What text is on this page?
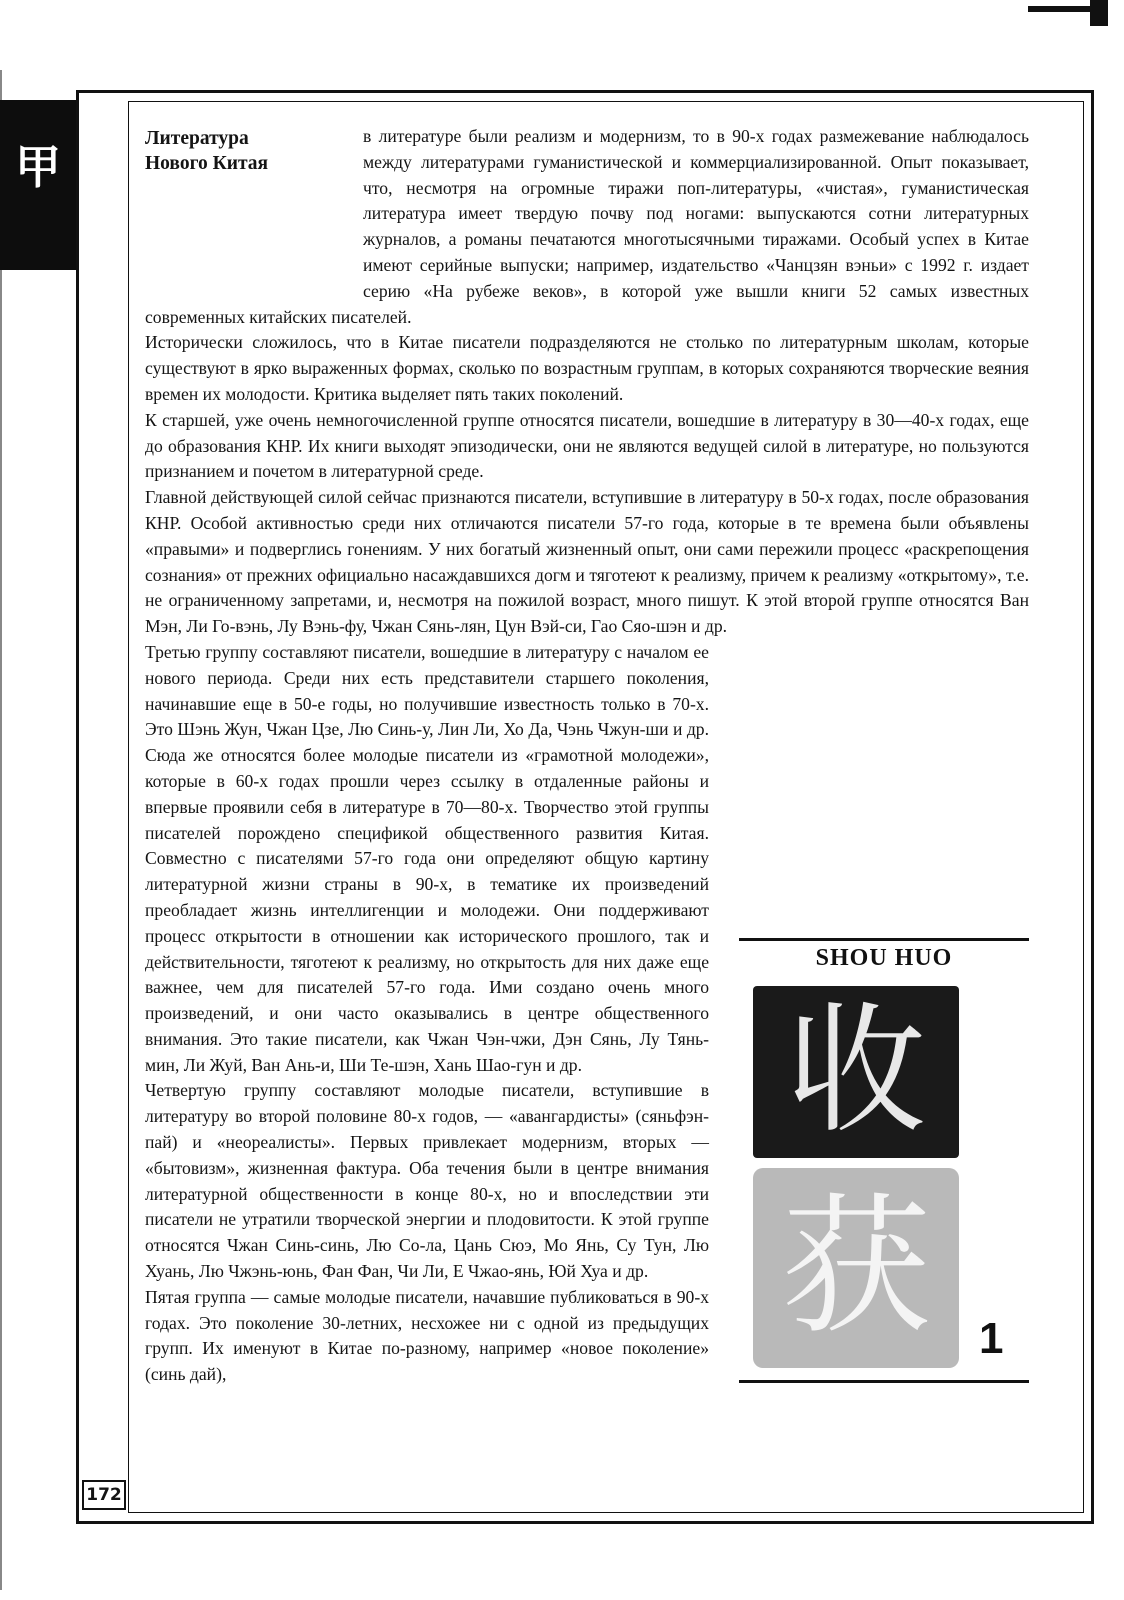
甲
172
Литература
Нового Китая

в литературе были реализм и модернизм, то в 90-х годах размежевание наблюдалось между литературами гуманистической и коммерциализированной. Опыт показывает, что, несмотря на огромные тиражи поп-литературы, «чистая», гуманистическая литература имеет твердую почву под ногами: выпускаются сотни литературных журналов, а романы печатаются многотысячными тиражами. Особый успех в Китае имеют серийные выпуски; например, издательство «Чанцзян вэньи» с 1992 г. издает серию «На рубеже веков», в которой уже вышли книги 52 самых известных современных китайских писателей.

Исторически сложилось, что в Китае писатели подразделяются не столько по литературным школам, которые существуют в ярко выраженных формах, сколько по возрастным группам, в которых сохраняются творческие веяния времен их молодости. Критика выделяет пять таких поколений.

К старшей, уже очень немногочисленной группе относятся писатели, вошедшие в литературу в 30—40-х годах, еще до образования КНР. Их книги выходят эпизодически, они не являются ведущей силой в литературе, но пользуются признанием и почетом в литературной среде.

Главной действующей силой сейчас признаются писатели, вступившие в литературу в 50-х годах, после образования КНР. Особой активностью среди них отличаются писатели 57-го года, которые в те времена были объявлены «правыми» и подверглись гонениям. У них богатый жизненный опыт, они сами пережили процесс «раскрепощения сознания» от прежних официально насаждавшихся догм и тяготеют к реализму, причем к реализму «открытому», т.е. не ограниченному запретами, и, несмотря на пожилой возраст, много пишут. К этой второй группе относятся Ван Мэн, Ли Го-вэнь, Лу Вэнь-фу, Чжан Сянь-лян, Цун Вэй-си, Гао Сяо-шэн и др.

SHOU HUO
收
获 1

Третью группу составляют писатели, вошедшие в литературу с началом ее нового периода. Среди них есть представители старшего поколения, начинавшие еще в 50-е годы, но получившие известность только в 70-х. Это Шэнь Жун, Чжан Цзе, Лю Синь-у, Лин Ли, Хо Да, Чэнь Чжун-ши и др. Сюда же относятся более молодые писатели из «грамотной молодежи», которые в 60-х годах прошли через ссылку в отдаленные районы и впервые проявили себя в литературе в 70—80-х. Творчество этой группы писателей порождено спецификой общественного развития Китая. Совместно с писателями 57-го года они определяют общую картину литературной жизни страны в 90-х, в тематике их произведений преобладает жизнь интеллигенции и молодежи. Они поддерживают процесс открытости в отношении как исторического прошлого, так и действительности, тяготеют к реализму, но открытость для них даже еще важнее, чем для писателей 57-го года. Ими создано очень много произведений, и они часто оказывались в центре общественного внимания. Это такие писатели, как Чжан Чэн-чжи, Дэн Сянь, Лу Тянь-мин, Ли Жуй, Ван Ань-и, Ши Те-шэн, Хань Шао-гун и др.

Четвертую группу составляют молодые писатели, вступившие в литературу во второй половине 80-х годов, — «авангардисты» (сяньфэн-пай) и «неореалисты». Первых привлекает модернизм, вторых — «бытовизм», жизненная фактура. Оба течения были в центре внимания литературной общественности в конце 80-х, но и впоследствии эти писатели не утратили творческой энергии и плодовитости. К этой группе относятся Чжан Синь-синь, Лю Со-ла, Цань Сюэ, Мо Янь, Су Тун, Лю Хуань, Лю Чжэнь-юнь, Фан Фан, Чи Ли, Е Чжао-янь, Юй Хуа и др.

Пятая группа — самые молодые писатели, начавшие публиковаться в 90-х годах. Это поколение 30-летних, несхожее ни с одной из предыдущих групп. Их именуют в Китае по-разному, например «новое поколение» (синь дай),
